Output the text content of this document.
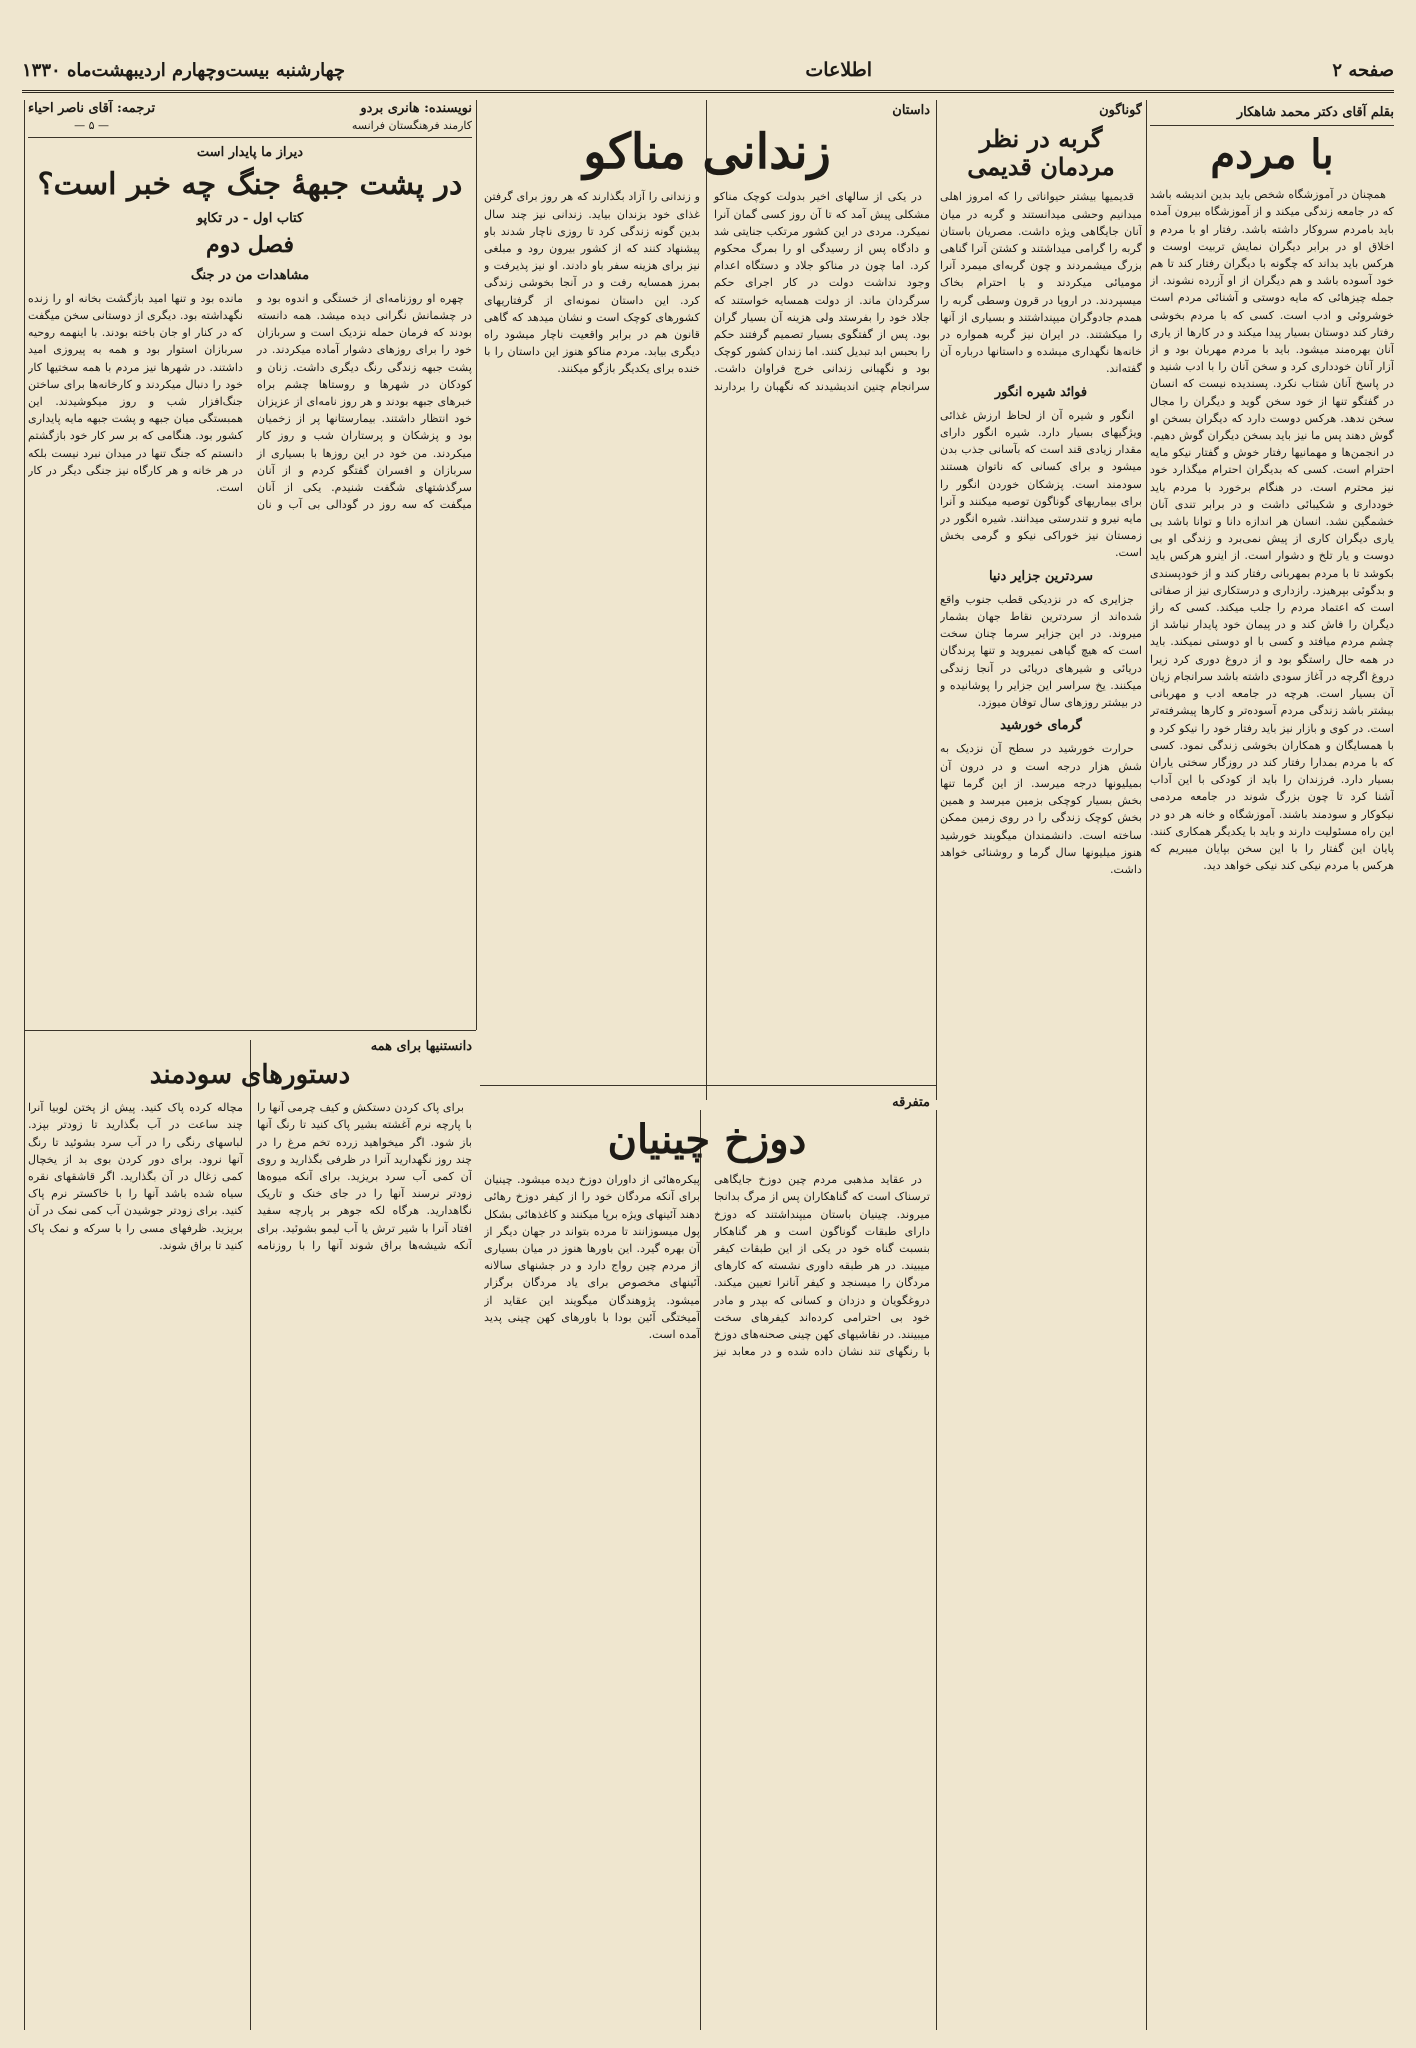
صفحه ۲
اطلاعات
چهارشنبه بیست‌وچهارم اردیبهشت‌ماه ۱۳۳۰
بقلم آقای دکتر محمد شاهکار
با مردم

همچنان در آموزشگاه شخص باید بدین اندیشه باشد که در جامعه زندگی میکند و از آموزشگاه بیرون آمده باید بامردم سروکار داشته باشد. رفتار او با مردم و اخلاق او در برابر دیگران نمایش تربیت اوست و هرکس باید بداند که چگونه با دیگران رفتار کند تا هم خود آسوده باشد و هم دیگران از او آزرده نشوند. از جمله چیزهائی که مایه دوستی و آشنائی مردم است خوشروئی و ادب است. کسی که با مردم بخوشی رفتار کند دوستان بسیار پیدا میکند و در کارها از یاری آنان بهره‌مند میشود. باید با مردم مهربان بود و از آزار آنان خودداری کرد و سخن آنان را با ادب شنید و در پاسخ آنان شتاب نکرد. پسندیده نیست که انسان در گفتگو تنها از خود سخن گوید و دیگران را مجال سخن ندهد. هرکس دوست دارد که دیگران بسخن او گوش دهند پس ما نیز باید بسخن دیگران گوش دهیم. در انجمن‌ها و مهمانیها رفتار خوش و گفتار نیکو مایه احترام است. کسی که بدیگران احترام میگذارد خود نیز محترم است. در هنگام برخورد با مردم باید خودداری و شکیبائی داشت و در برابر تندی آنان خشمگین نشد. انسان هر اندازه دانا و توانا باشد بی یاری دیگران کاری از پیش نمی‌برد و زندگی او بی دوست و یار تلخ و دشوار است. از اینرو هرکس باید بکوشد تا با مردم بمهربانی رفتار کند و از خودپسندی و بدگوئی بپرهیزد. رازداری و درستکاری نیز از صفاتی است که اعتماد مردم را جلب میکند. کسی که راز دیگران را فاش کند و در پیمان خود پایدار نباشد از چشم مردم میافتد و کسی با او دوستی نمیکند. باید در همه حال راستگو بود و از دروغ دوری کرد زیرا دروغ اگرچه در آغاز سودی داشته باشد سرانجام زیان آن بسیار است. هرچه در جامعه ادب و مهربانی بیشتر باشد زندگی مردم آسوده‌تر و کارها پیشرفته‌تر است. در کوی و بازار نیز باید رفتار خود را نیکو کرد و با همسایگان و همکاران بخوشی زندگی نمود. کسی که با مردم بمدارا رفتار کند در روزگار سختی یاران بسیار دارد. فرزندان را باید از کودکی با این آداب آشنا کرد تا چون بزرگ شوند در جامعه مردمی نیکوکار و سودمند باشند. آموزشگاه و خانه هر دو در این راه مسئولیت دارند و باید با یکدیگر همکاری کنند. پایان این گفتار را با این سخن بپایان میبریم که هرکس با مردم نیکی کند نیکی خواهد دید.

گوناگون
گربه در نظر مردمان قدیمی

قدیمیها بیشتر حیواناتی را که امروز اهلی میدانیم وحشی میدانستند و گربه در میان آنان جایگاهی ویژه داشت. مصریان باستان گربه را گرامی میداشتند و کشتن آنرا گناهی بزرگ میشمردند و چون گربه‌ای میمرد آنرا مومیائی میکردند و با احترام بخاک میسپردند. در اروپا در قرون وسطی گربه را همدم جادوگران میپنداشتند و بسیاری از آنها را میکشتند. در ایران نیز گربه همواره در خانه‌ها نگهداری میشده و داستانها درباره آن گفته‌اند.

فوائد شیره انگور

انگور و شیره آن از لحاظ ارزش غذائی ویژگیهای بسیار دارد. شیره انگور دارای مقدار زیادی قند است که بآسانی جذب بدن میشود و برای کسانی که ناتوان هستند سودمند است. پزشکان خوردن انگور را برای بیماریهای گوناگون توصیه میکنند و آنرا مایه نیرو و تندرستی میدانند. شیره انگور در زمستان نیز خوراکی نیکو و گرمی بخش است.

سردترین جزایر دنیا

جزایری که در نزدیکی قطب جنوب واقع شده‌اند از سردترین نقاط جهان بشمار میروند. در این جزایر سرما چنان سخت است که هیچ گیاهی نمیروید و تنها پرندگان دریائی و شیرهای دریائی در آنجا زندگی میکنند. یخ سراسر این جزایر را پوشانیده و در بیشتر روزهای سال توفان میوزد.

گرمای خورشید

حرارت خورشید در سطح آن نزدیک به شش هزار درجه است و در درون آن بمیلیونها درجه میرسد. از این گرما تنها بخش بسیار کوچکی بزمین میرسد و همین بخش کوچک زندگی را در روی زمین ممکن ساخته است. دانشمندان میگویند خورشید هنوز میلیونها سال گرما و روشنائی خواهد داشت.

داستان
زندانی مناکو

در یکی از سالهای اخیر بدولت کوچک مناکو مشکلی پیش آمد که تا آن روز کسی گمان آنرا نمیکرد. مردی در این کشور مرتکب جنایتی شد و دادگاه پس از رسیدگی او را بمرگ محکوم کرد. اما چون در مناکو جلاد و دستگاه اعدام وجود نداشت دولت در کار اجرای حکم سرگردان ماند. از دولت همسایه خواستند که جلاد خود را بفرستد ولی هزینه آن بسیار گران بود. پس از گفتگوی بسیار تصمیم گرفتند حکم را بحبس ابد تبدیل کنند. اما زندان کشور کوچک بود و نگهبانی زندانی خرج فراوان داشت. سرانجام چنین اندیشیدند که نگهبان را بردارند و زندانی را آزاد بگذارند که هر روز برای گرفتن غذای خود بزندان بیاید. زندانی نیز چند سال بدین گونه زندگی کرد تا روزی ناچار شدند باو پیشنهاد کنند که از کشور بیرون رود و مبلغی نیز برای هزینه سفر باو دادند. او نیز پذیرفت و بمرز همسایه رفت و در آنجا بخوشی زندگی کرد. این داستان نمونه‌ای از گرفتاریهای کشورهای کوچک است و نشان میدهد که گاهی قانون هم در برابر واقعیت ناچار میشود راه دیگری بیابد. مردم مناکو هنوز این داستان را با خنده برای یکدیگر بازگو میکنند.

نویسنده: هانری بردو
کارمند فرهنگستان فرانسه
ترجمه: آقای ناصر احیاء
— ۵ —
دیراز ما پایدار است
در پشت جبههٔ جنگ چه خبر است؟
کتاب اول - در تکاپو
فصل دوم
مشاهدات من در جنگ

چهره او روزنامه‌ای از خستگی و اندوه بود و در چشمانش نگرانی دیده میشد. همه دانسته بودند که فرمان حمله نزدیک است و سربازان خود را برای روزهای دشوار آماده میکردند. در پشت جبهه زندگی رنگ دیگری داشت. زنان و کودکان در شهرها و روستاها چشم براه خبرهای جبهه بودند و هر روز نامه‌ای از عزیزان خود انتظار داشتند. بیمارستانها پر از زخمیان بود و پزشکان و پرستاران شب و روز کار میکردند. من خود در این روزها با بسیاری از سربازان و افسران گفتگو کردم و از آنان سرگذشتهای شگفت شنیدم. یکی از آنان میگفت که سه روز در گودالی بی آب و نان مانده بود و تنها امید بازگشت بخانه او را زنده نگهداشته بود. دیگری از دوستانی سخن میگفت که در کنار او جان باخته بودند. با اینهمه روحیه سربازان استوار بود و همه به پیروزی امید داشتند. در شهرها نیز مردم با همه سختیها کار خود را دنبال میکردند و کارخانه‌ها برای ساختن جنگ‌افزار شب و روز میکوشیدند. این همبستگی میان جبهه و پشت جبهه مایه پایداری کشور بود. هنگامی که بر سر کار خود بازگشتم دانستم که جنگ تنها در میدان نبرد نیست بلکه در هر خانه و هر کارگاه نیز جنگی دیگر در کار است.

متفرقه
دوزخ چینیان

در عقاید مذهبی مردم چین دوزخ جایگاهی ترسناک است که گناهکاران پس از مرگ بدانجا میروند. چینیان باستان میپنداشتند که دوزخ دارای طبقات گوناگون است و هر گناهکار بنسبت گناه خود در یکی از این طبقات کیفر میبیند. در هر طبقه داوری نشسته که کارهای مردگان را میسنجد و کیفر آنانرا تعیین میکند. دروغگویان و دزدان و کسانی که بپدر و مادر خود بی احترامی کرده‌اند کیفرهای سخت میبینند. در نقاشیهای کهن چینی صحنه‌های دوزخ با رنگهای تند نشان داده شده و در معابد نیز پیکره‌هائی از داوران دوزخ دیده میشود. چینیان برای آنکه مردگان خود را از کیفر دوزخ رهائی دهند آئینهای ویژه برپا میکنند و کاغذهائی بشکل پول میسوزانند تا مرده بتواند در جهان دیگر از آن بهره گیرد. این باورها هنوز در میان بسیاری از مردم چین رواج دارد و در جشنهای سالانه آئینهای مخصوص برای یاد مردگان برگزار میشود. پژوهندگان میگویند این عقاید از آمیختگی آئین بودا با باورهای کهن چینی پدید آمده است.

دانستنیها برای همه
دستورهای سودمند

برای پاک کردن دستکش و کیف چرمی آنها را با پارچه نرم آغشته بشیر پاک کنید تا رنگ آنها باز شود. اگر میخواهید زرده تخم مرغ را در چند روز نگهدارید آنرا در ظرفی بگذارید و روی آن کمی آب سرد بریزید. برای آنکه میوه‌ها زودتر نرسند آنها را در جای خنک و تاریک نگاهدارید. هرگاه لکه جوهر بر پارچه سفید افتاد آنرا با شیر ترش یا آب لیمو بشوئید. برای آنکه شیشه‌ها براق شوند آنها را با روزنامه مچاله کرده پاک کنید. پیش از پختن لوبیا آنرا چند ساعت در آب بگذارید تا زودتر بپزد. لباسهای رنگی را در آب سرد بشوئید تا رنگ آنها نرود. برای دور کردن بوی بد از یخچال کمی زغال در آن بگذارید. اگر قاشقهای نقره سیاه شده باشد آنها را با خاکستر نرم پاک کنید. برای زودتر جوشیدن آب کمی نمک در آن بریزید. ظرفهای مسی را با سرکه و نمک پاک کنید تا براق شوند.
